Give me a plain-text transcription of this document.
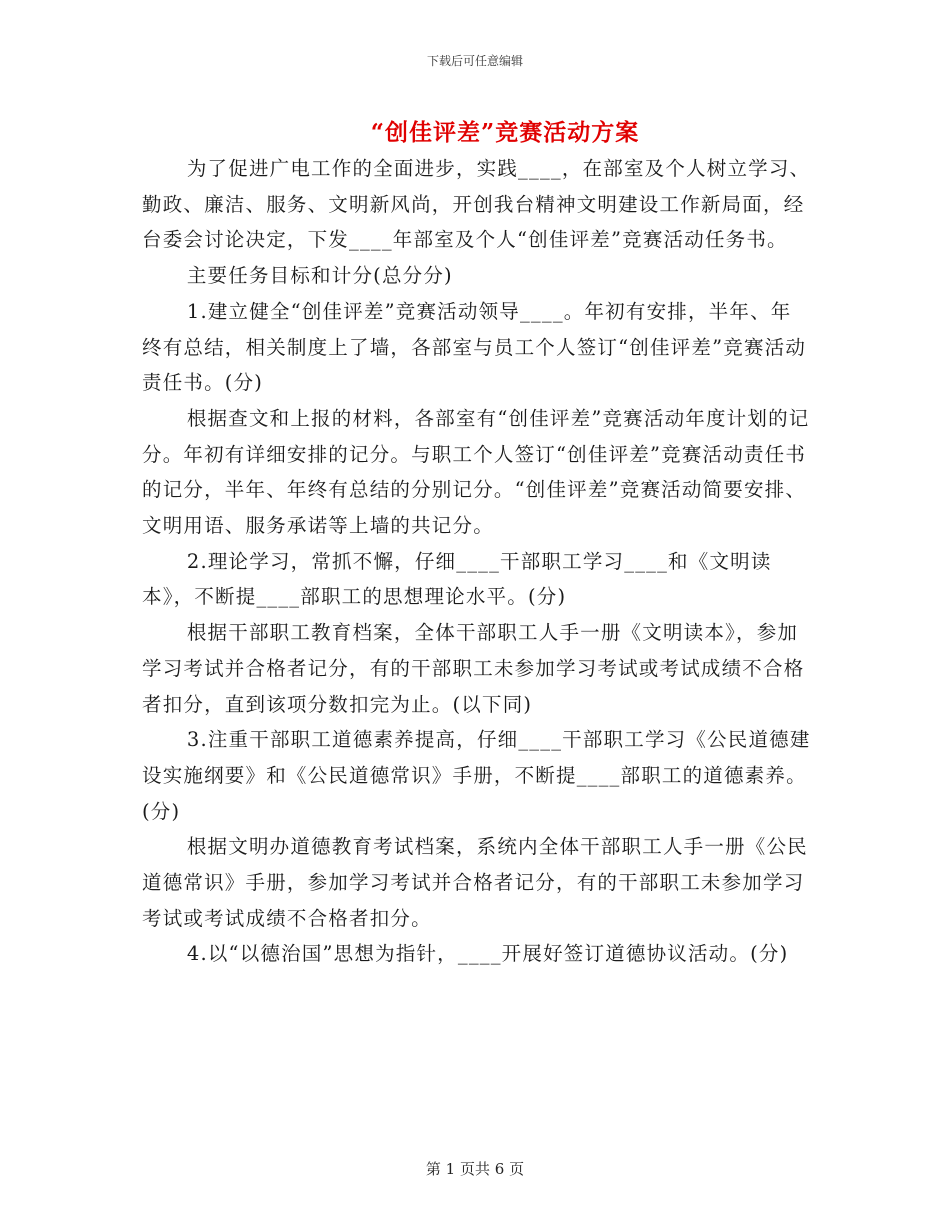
下载后可任意编辑
“创佳评差”竞赛活动方案

为了促进广电工作的全面进步，实践____，在部室及个人树立学习、勤政、廉洁、服务、文明新风尚，开创我台精神文明建设工作新局面，经台委会讨论决定，下发____年部室及个人“创佳评差”竞赛活动任务书。

主要任务目标和计分(总分分)

1.建立健全“创佳评差”竞赛活动领导____。年初有安排，半年、年终有总结，相关制度上了墙，各部室与员工个人签订“创佳评差”竞赛活动责任书。(分)

根据查文和上报的材料，各部室有“创佳评差”竞赛活动年度计划的记分。年初有详细安排的记分。与职工个人签订“创佳评差”竞赛活动责任书的记分，半年、年终有总结的分别记分。“创佳评差”竞赛活动简要安排、文明用语、服务承诺等上墙的共记分。

2.理论学习，常抓不懈，仔细____干部职工学习____和《文明读本》，不断提____部职工的思想理论水平。(分)

根据干部职工教育档案，全体干部职工人手一册《文明读本》，参加学习考试并合格者记分，有的干部职工未参加学习考试或考试成绩不合格者扣分，直到该项分数扣完为止。(以下同)

3.注重干部职工道德素养提高，仔细____干部职工学习《公民道德建设实施纲要》和《公民道德常识》手册，不断提____部职工的道德素养。(分)

根据文明办道德教育考试档案，系统内全体干部职工人手一册《公民道德常识》手册，参加学习考试并合格者记分，有的干部职工未参加学习考试或考试成绩不合格者扣分。

4.以“以德治国”思想为指针，____开展好签订道德协议活动。(分)

第 1 页共 6 页
